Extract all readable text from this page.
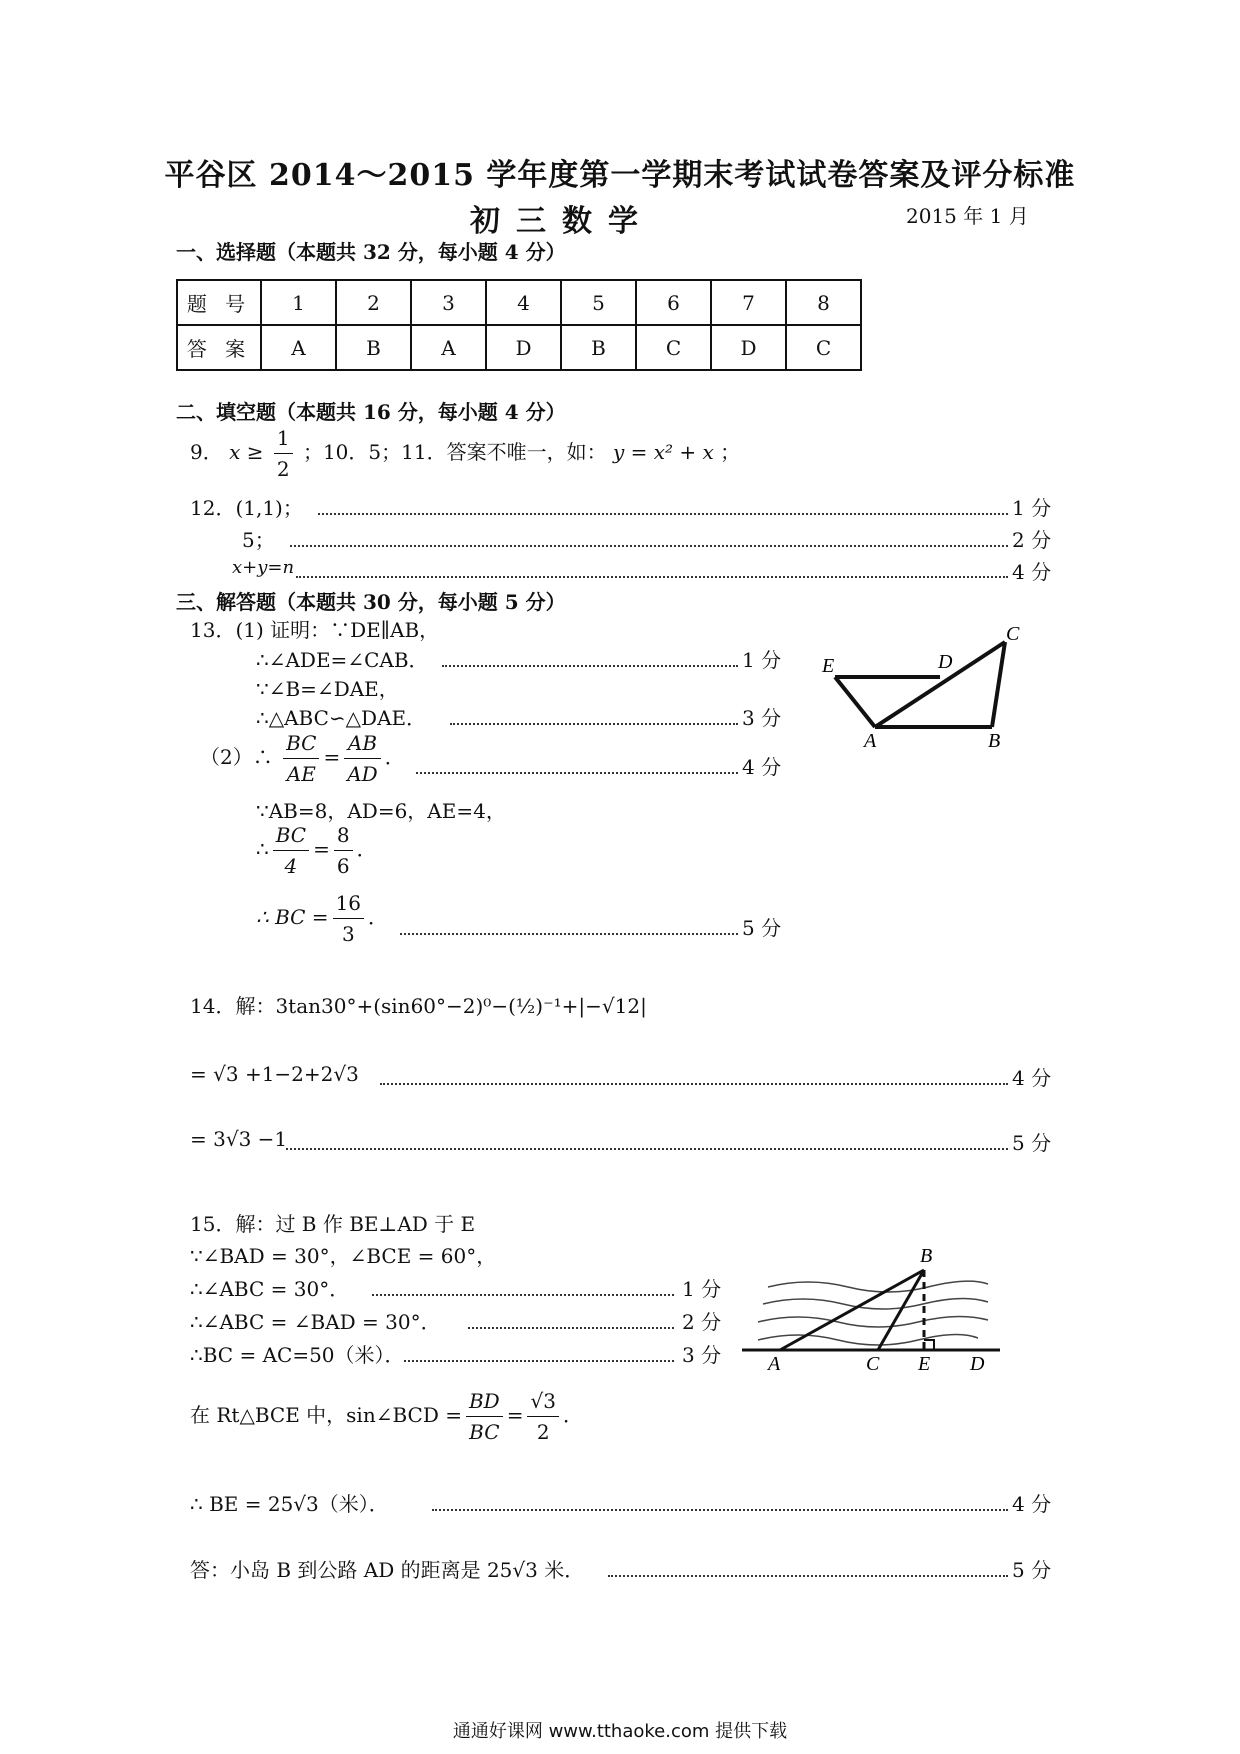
平谷区 2014～2015 学年度第一学期末考试试卷答案及评分标准
初三数学	2015 年 1 月
一、选择题（本题共 32 分，每小题 4 分）
题 号	1	2	3	4	5	6	7	8
答 案	A	B	A	D	B	C	D	C
二、填空题（本题共 16 分，每小题 4 分）
9． $x \ge \frac{1}{2}$ ；10．5；11．答案不唯一，如： y = x² + x ；
12．(1,1)；	1 分
5；	2 分
x+y=n	4 分
三、解答题（本题共 30 分，每小题 5 分）
13．(1) 证明：∵DE∥AB，
∴∠ADE=∠CAB．	1 分
∵∠B=∠DAE，
∴△ABC∽△DAE．	3 分
（2）∴ $\frac{BC}{AE} = \frac{AB}{AD}$ ．	4 分
∵AB=8，AD=6，AE=4，
∴ $\frac{BC}{4} = \frac{8}{6}$ ．
∴ BC = $\frac{16}{3}$ ．	5 分
E	D
C
A	B
14．解：3tan30°+(sin60°−2)⁰−(½)⁻¹+|−√12|
= √3 +1−2+2√3	4 分
= 3√3 −1	5 分
15．解：过 B 作 BE⊥AD 于 E
∵∠BAD = 30°，∠BCE = 60°，
∴∠ABC = 30°．	1 分
∴∠ABC = ∠BAD = 30°．	2 分
∴BC = AC=50（米）．	3 分
在 Rt△BCE 中，sin∠BCD = $\frac{BD}{BC} = \frac{√3}{2}$ ．
∴ BE = 25√3（米）．	4 分
答：小岛 B 到公路 AD 的距离是 25√3 米．	5 分
B
A	C E D
通通好课网 www.tthaoke.com 提供下载
